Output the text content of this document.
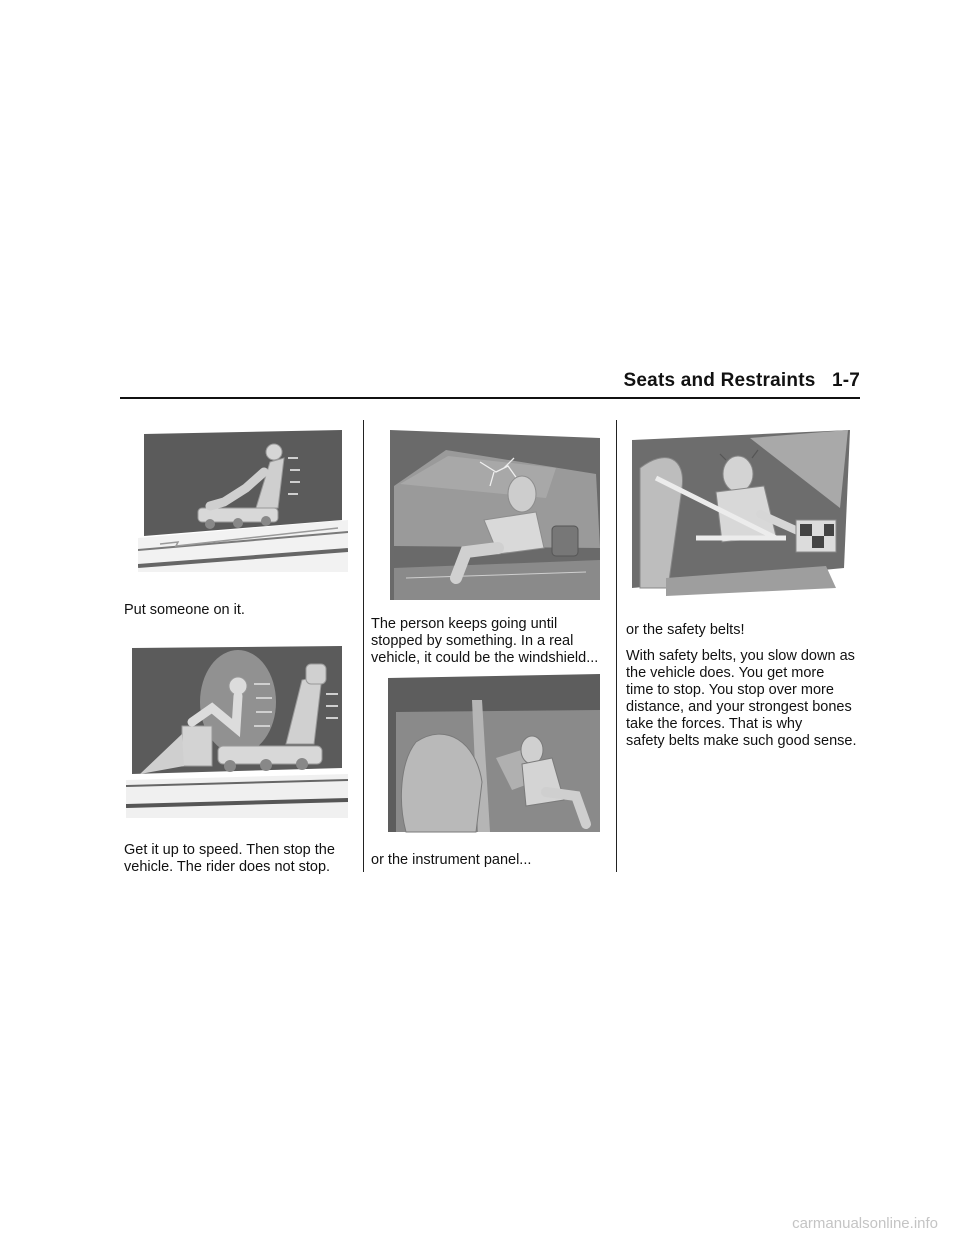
Seats and Restraints 1-7
Put someone on it.
Get it up to speed. Then stop the
vehicle. The rider does not stop.
The person keeps going until
stopped by something. In a real
vehicle, it could be the windshield...
or the instrument panel...
or the safety belts!
With safety belts, you slow down as
the vehicle does. You get more
time to stop. You stop over more
distance, and your strongest bones
take the forces. That is why
safety belts make such good sense.
carmanualsonline.info
